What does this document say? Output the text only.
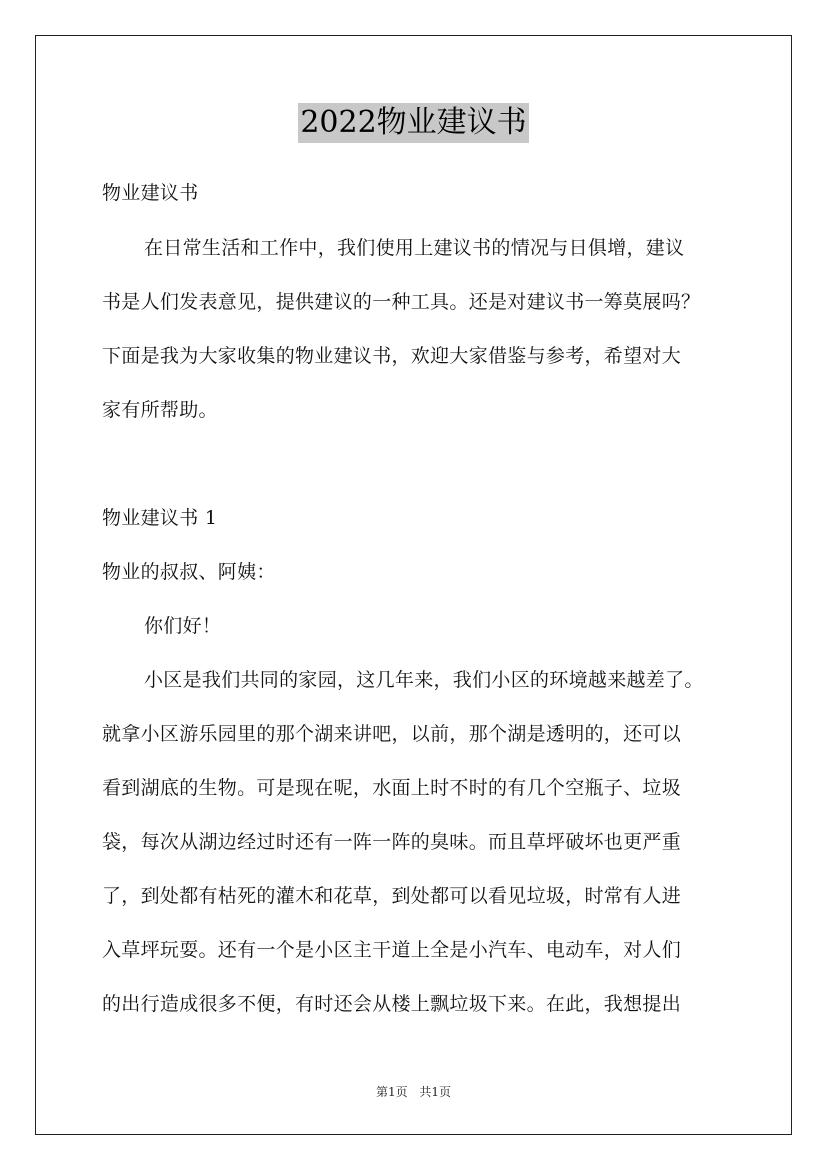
2022物业建议书
物业建议书
在日常生活和工作中，我们使用上建议书的情况与日俱增，建议
书是人们发表意见，提供建议的一种工具。还是对建议书一筹莫展吗？
下面是我为大家收集的物业建议书，欢迎大家借鉴与参考，希望对大
家有所帮助。
物业建议书 1
物业的叔叔、阿姨：
你们好！
小区是我们共同的家园，这几年来，我们小区的环境越来越差了。
就拿小区游乐园里的那个湖来讲吧，以前，那个湖是透明的，还可以
看到湖底的生物。可是现在呢，水面上时不时的有几个空瓶子、垃圾
袋，每次从湖边经过时还有一阵一阵的臭味。而且草坪破坏也更严重
了，到处都有枯死的灌木和花草，到处都可以看见垃圾，时常有人进
入草坪玩耍。还有一个是小区主干道上全是小汽车、电动车，对人们
的出行造成很多不便，有时还会从楼上飘垃圾下来。在此，我想提出
第1页 共1页
